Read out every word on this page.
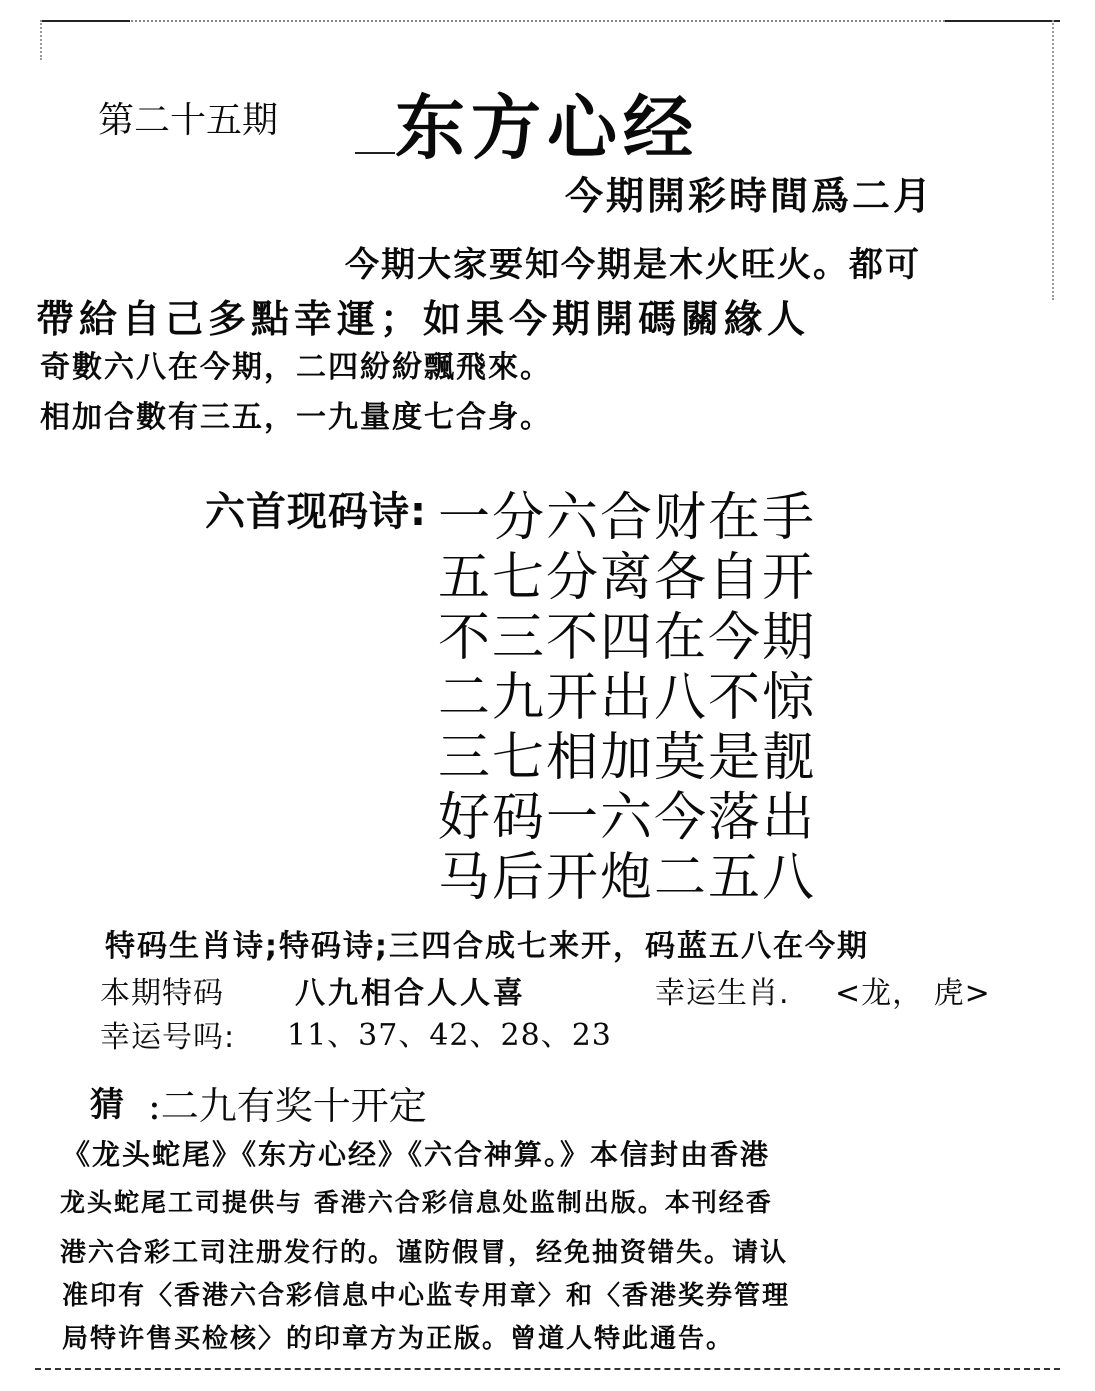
第二十五期 东方心经
今期開彩時間爲二月
今期大家要知今期是木火旺火。都可
帶給自己多點幸運；如果今期開碼關緣人
奇數六八在今期，二四紛紛飄飛來。
相加合數有三五，一九量度七合身。
六首现码诗: 一分六合财在手
五七分离各自开
不三不四在今期
二九开出八不惊
三七相加莫是靓
好码一六今落出
马后开炮二五八
特码生肖诗;特码诗;三四合成七来开，码蓝五八在今期
本期特码 八九相合人人喜	幸运生肖. <龙， 虎>
幸运号吗: 11、37、42、28、23
猜 :二九有奖十开定
《龙头蛇尾》《东方心经》《六合神算。》本信封由香港
龙头蛇尾工司提供与 香港六合彩信息处监制出版。本刊经香
港六合彩工司注册发行的。谨防假冒，经免抽资错失。请认
准印有〈香港六合彩信息中心监专用章〉和〈香港奖券管理
局特许售买检核〉的印章方为正版。曾道人特此通告。
